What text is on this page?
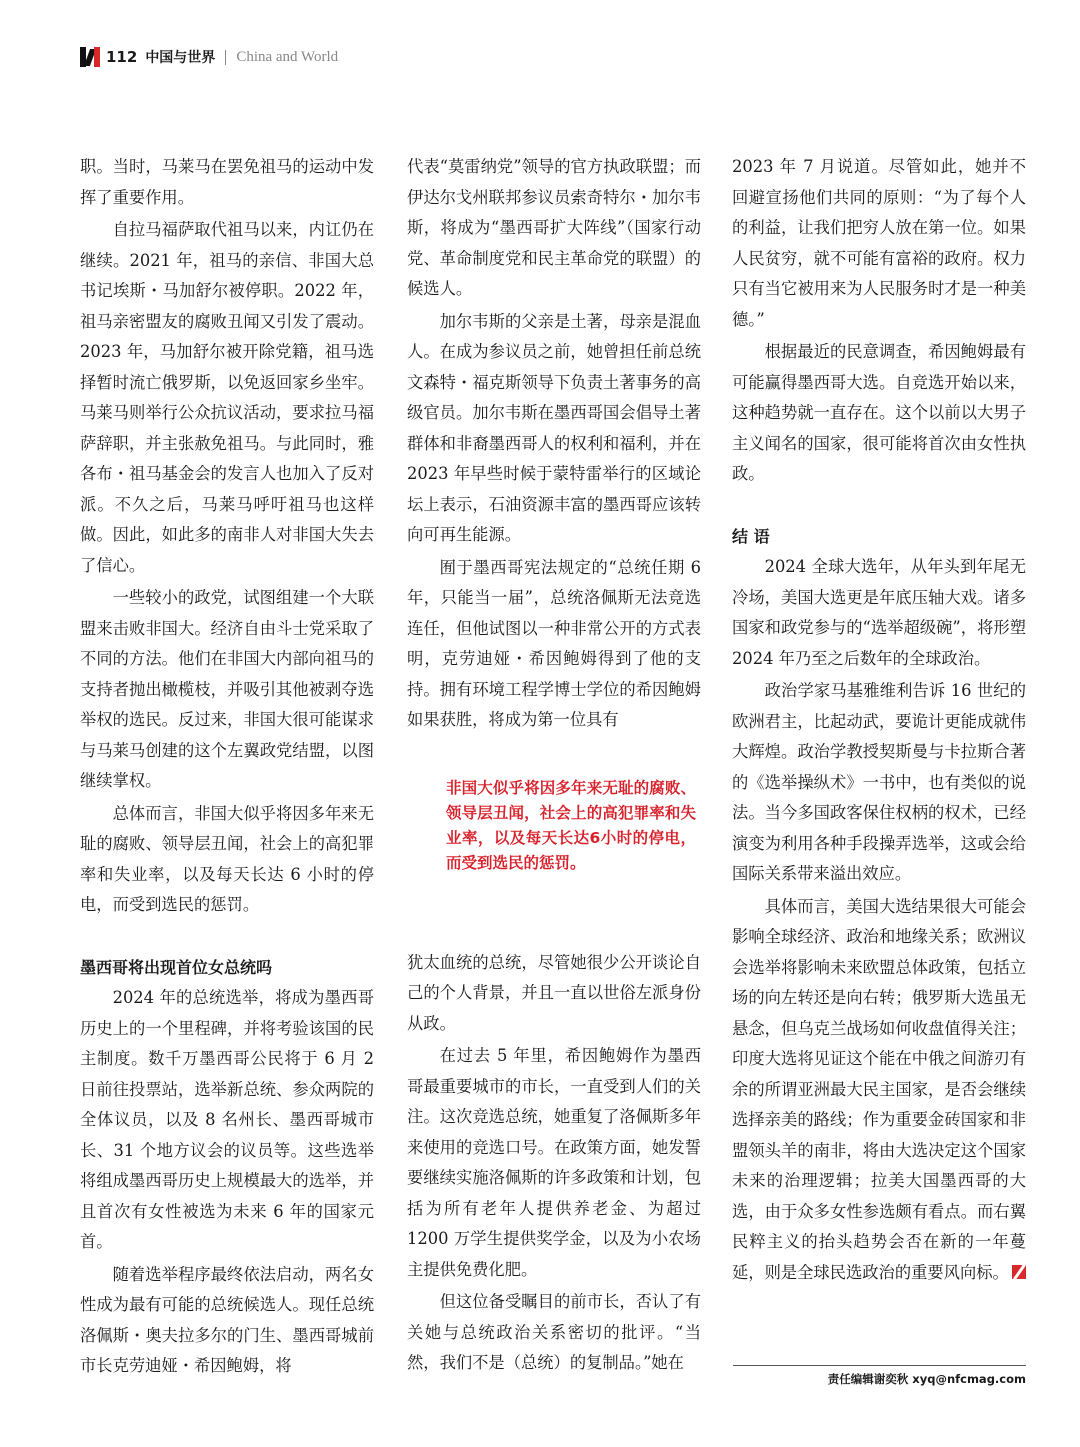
112 中国与世界 China and World

职。当时，马莱马在罢免祖马的运动中发挥了重要作用。

自拉马福萨取代祖马以来，内讧仍在继续。2021 年，祖马的亲信、非国大总书记埃斯・马加舒尔被停职。2022 年，祖马亲密盟友的腐败丑闻又引发了震动。2023 年，马加舒尔被开除党籍，祖马选择暂时流亡俄罗斯，以免返回家乡坐牢。马莱马则举行公众抗议活动，要求拉马福萨辞职，并主张赦免祖马。与此同时，雅各布・祖马基金会的发言人也加入了反对派。不久之后，马莱马呼吁祖马也这样做。因此，如此多的南非人对非国大失去了信心。

一些较小的政党，试图组建一个大联盟来击败非国大。经济自由斗士党采取了不同的方法。他们在非国大内部向祖马的支持者抛出橄榄枝，并吸引其他被剥夺选举权的选民。反过来，非国大很可能谋求与马莱马创建的这个左翼政党结盟，以图继续掌权。

总体而言，非国大似乎将因多年来无耻的腐败、领导层丑闻，社会上的高犯罪率和失业率，以及每天长达 6 小时的停电，而受到选民的惩罚。

墨西哥将出现首位女总统吗

2024 年的总统选举，将成为墨西哥历史上的一个里程碑，并将考验该国的民主制度。数千万墨西哥公民将于 6 月 2 日前往投票站，选举新总统、参众两院的全体议员，以及 8 名州长、墨西哥城市长、31 个地方议会的议员等。这些选举将组成墨西哥历史上规模最大的选举，并且首次有女性被选为未来 6 年的国家元首。

随着选举程序最终依法启动，两名女性成为最有可能的总统候选人。现任总统洛佩斯・奥夫拉多尔的门生、墨西哥城前市长克劳迪娅・希因鲍姆，将

代表“莫雷纳党”领导的官方执政联盟；而伊达尔戈州联邦参议员索奇特尔・加尔韦斯，将成为“墨西哥扩大阵线”（国家行动党、革命制度党和民主革命党的联盟）的候选人。

加尔韦斯的父亲是土著，母亲是混血人。在成为参议员之前，她曾担任前总统文森特・福克斯领导下负责土著事务的高级官员。加尔韦斯在墨西哥国会倡导土著群体和非裔墨西哥人的权利和福利，并在 2023 年早些时候于蒙特雷举行的区域论坛上表示，石油资源丰富的墨西哥应该转向可再生能源。

囿于墨西哥宪法规定的“总统任期 6 年，只能当一届”，总统洛佩斯无法竞选连任，但他试图以一种非常公开的方式表明，克劳迪娅・希因鲍姆得到了他的支持。拥有环境工程学博士学位的希因鲍姆如果获胜，将成为第一位具有

犹太血统的总统，尽管她很少公开谈论自己的个人背景，并且一直以世俗左派身份从政。

在过去 5 年里，希因鲍姆作为墨西哥最重要城市的市长，一直受到人们的关注。这次竞选总统，她重复了洛佩斯多年来使用的竞选口号。在政策方面，她发誓要继续实施洛佩斯的许多政策和计划，包括为所有老年人提供养老金、为超过 1200 万学生提供奖学金，以及为小农场主提供免费化肥。

但这位备受瞩目的前市长，否认了有关她与总统政治关系密切的批评。“当然，我们不是（总统）的复制品。”她在

非国大似乎将因多年来无耻的腐败、领导层丑闻，社会上的高犯罪率和失业率，以及每天长达6小时的停电，而受到选民的惩罚。

2023 年 7 月说道。尽管如此，她并不回避宣扬他们共同的原则：“为了每个人的利益，让我们把穷人放在第一位。如果人民贫穷，就不可能有富裕的政府。权力只有当它被用来为人民服务时才是一种美德。”

根据最近的民意调查，希因鲍姆最有可能赢得墨西哥大选。自竞选开始以来，这种趋势就一直存在。这个以前以大男子主义闻名的国家，很可能将首次由女性执政。

结 语

2024 全球大选年，从年头到年尾无冷场，美国大选更是年底压轴大戏。诸多国家和政党参与的“选举超级碗”，将形塑 2024 年乃至之后数年的全球政治。

政治学家马基雅维利告诉 16 世纪的欧洲君主，比起动武，要诡计更能成就伟大辉煌。政治学教授契斯曼与卡拉斯合著的《选举操纵术》一书中，也有类似的说法。当今多国政客保住权柄的权术，已经演变为利用各种手段操弄选举，这或会给国际关系带来溢出效应。

具体而言，美国大选结果很大可能会影响全球经济、政治和地缘关系；欧洲议会选举将影响未来欧盟总体政策，包括立场的向左转还是向右转；俄罗斯大选虽无悬念，但乌克兰战场如何收盘值得关注；印度大选将见证这个能在中俄之间游刃有余的所谓亚洲最大民主国家，是否会继续选择亲美的路线；作为重要金砖国家和非盟领头羊的南非，将由大选决定这个国家未来的治理逻辑；拉美大国墨西哥的大选，由于众多女性参选颇有看点。而右翼民粹主义的抬头趋势会否在新的一年蔓延，则是全球民选政治的重要风向标。

责任编辑谢奕秋 xyq@nfcmag.com
